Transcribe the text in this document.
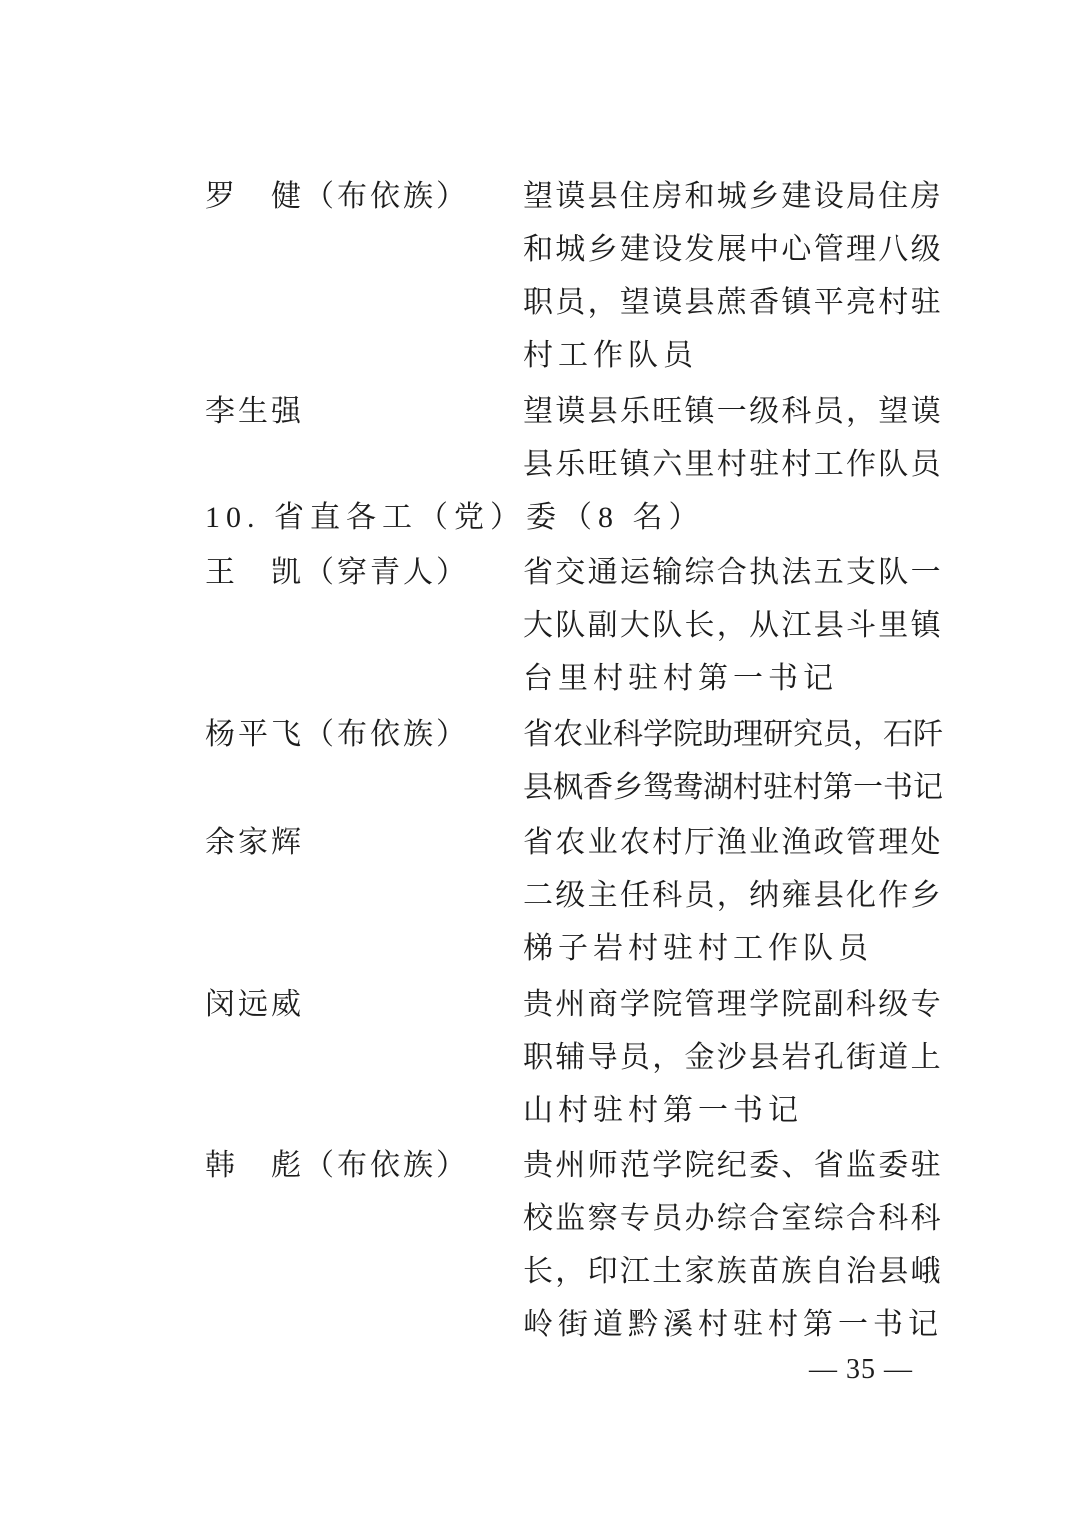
罗　健（布依族）	望谟县住房和城乡建设局住房
和城乡建设发展中心管理八级
职员，望谟县蔗香镇平亮村驻
村工作队员
李生强	望谟县乐旺镇一级科员，望谟
县乐旺镇六里村驻村工作队员
10. 省直各工（党）委（8 名）
王　凯（穿青人）	省交通运输综合执法五支队一
大队副大队长，从江县斗里镇
台里村驻村第一书记
杨平飞（布依族）	省农业科学院助理研究员，石阡
县枫香乡鸳鸯湖村驻村第一书记
余家辉	省农业农村厅渔业渔政管理处
二级主任科员，纳雍县化作乡
梯子岩村驻村工作队员
闵远威	贵州商学院管理学院副科级专
职辅导员，金沙县岩孔街道上
山村驻村第一书记
韩　彪（布依族）	贵州师范学院纪委、省监委驻
校监察专员办综合室综合科科
长，印江土家族苗族自治县峨
岭街道黔溪村驻村第一书记
— 35 —
